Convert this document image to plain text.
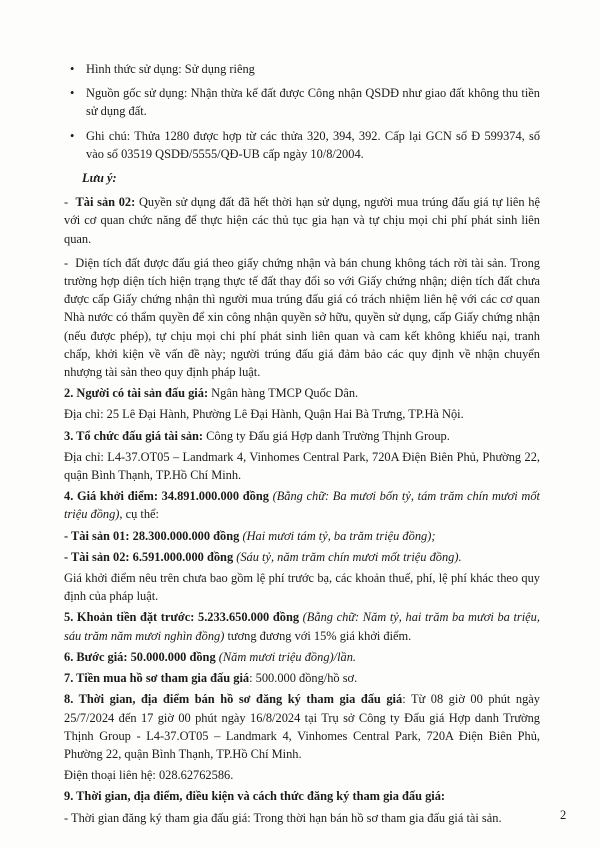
• Hình thức sử dụng: Sử dụng riêng
• Nguồn gốc sử dụng: Nhận thừa kế đất được Công nhận QSDĐ như giao đất không thu tiền sử dụng đất.
• Ghi chú: Thửa 1280 được hợp từ các thửa 320, 394, 392. Cấp lại GCN số Đ 599374, số vào sổ 03519 QSDĐ/5555/QĐ-UB cấp ngày 10/8/2004.

Lưu ý:

- Tài sản 02: Quyền sử dụng đất đã hết thời hạn sử dụng, người mua trúng đấu giá tự liên hệ với cơ quan chức năng để thực hiện các thủ tục gia hạn và tự chịu mọi chi phí phát sinh liên quan.

- Diện tích đất được đấu giá theo giấy chứng nhận và bán chung không tách rời tài sản. Trong trường hợp diện tích hiện trạng thực tế đất thay đổi so với Giấy chứng nhận; diện tích đất chưa được cấp Giấy chứng nhận thì người mua trúng đấu giá có trách nhiệm liên hệ với các cơ quan Nhà nước có thẩm quyền để xin công nhận quyền sở hữu, quyền sử dụng, cấp Giấy chứng nhận (nếu được phép), tự chịu mọi chi phí phát sinh liên quan và cam kết không khiếu nại, tranh chấp, khởi kiện về vấn đề này; người trúng đấu giá đảm bảo các quy định về nhận chuyển nhượng tài sản theo quy định pháp luật.

2. Người có tài sản đấu giá: Ngân hàng TMCP Quốc Dân.

Địa chỉ: 25 Lê Đại Hành, Phường Lê Đại Hành, Quận Hai Bà Trưng, TP.Hà Nội.

3. Tổ chức đấu giá tài sản: Công ty Đấu giá Hợp danh Trường Thịnh Group.

Địa chỉ: L4-37.OT05 – Landmark 4, Vinhomes Central Park, 720A Điện Biên Phủ, Phường 22, quận Bình Thạnh, TP.Hồ Chí Minh.

4. Giá khởi điểm: 34.891.000.000 đồng (Bằng chữ: Ba mươi bốn tỷ, tám trăm chín mươi mốt triệu đồng), cụ thể:

- Tài sản 01: 28.300.000.000 đồng (Hai mươi tám tỷ, ba trăm triệu đồng);

- Tài sản 02: 6.591.000.000 đồng (Sáu tỷ, năm trăm chín mươi mốt triệu đồng).

Giá khởi điểm nêu trên chưa bao gồm lệ phí trước bạ, các khoản thuế, phí, lệ phí khác theo quy định của pháp luật.

5. Khoản tiền đặt trước: 5.233.650.000 đồng (Bằng chữ: Năm tỷ, hai trăm ba mươi ba triệu, sáu trăm năm mươi nghìn đồng) tương đương với 15% giá khởi điểm.

6. Bước giá: 50.000.000 đồng (Năm mươi triệu đồng)/lần.

7. Tiền mua hồ sơ tham gia đấu giá: 500.000 đồng/hồ sơ.

8. Thời gian, địa điểm bán hồ sơ đăng ký tham gia đấu giá: Từ 08 giờ 00 phút ngày 25/7/2024 đến 17 giờ 00 phút ngày 16/8/2024 tại Trụ sở Công ty Đấu giá Hợp danh Trường Thịnh Group - L4-37.OT05 – Landmark 4, Vinhomes Central Park, 720A Điện Biên Phủ, Phường 22, quận Bình Thạnh, TP.Hồ Chí Minh.

Điện thoại liên hệ: 028.62762586.

9. Thời gian, địa điểm, điều kiện và cách thức đăng ký tham gia đấu giá:

- Thời gian đăng ký tham gia đấu giá: Trong thời hạn bán hồ sơ tham gia đấu giá tài sản.	2
